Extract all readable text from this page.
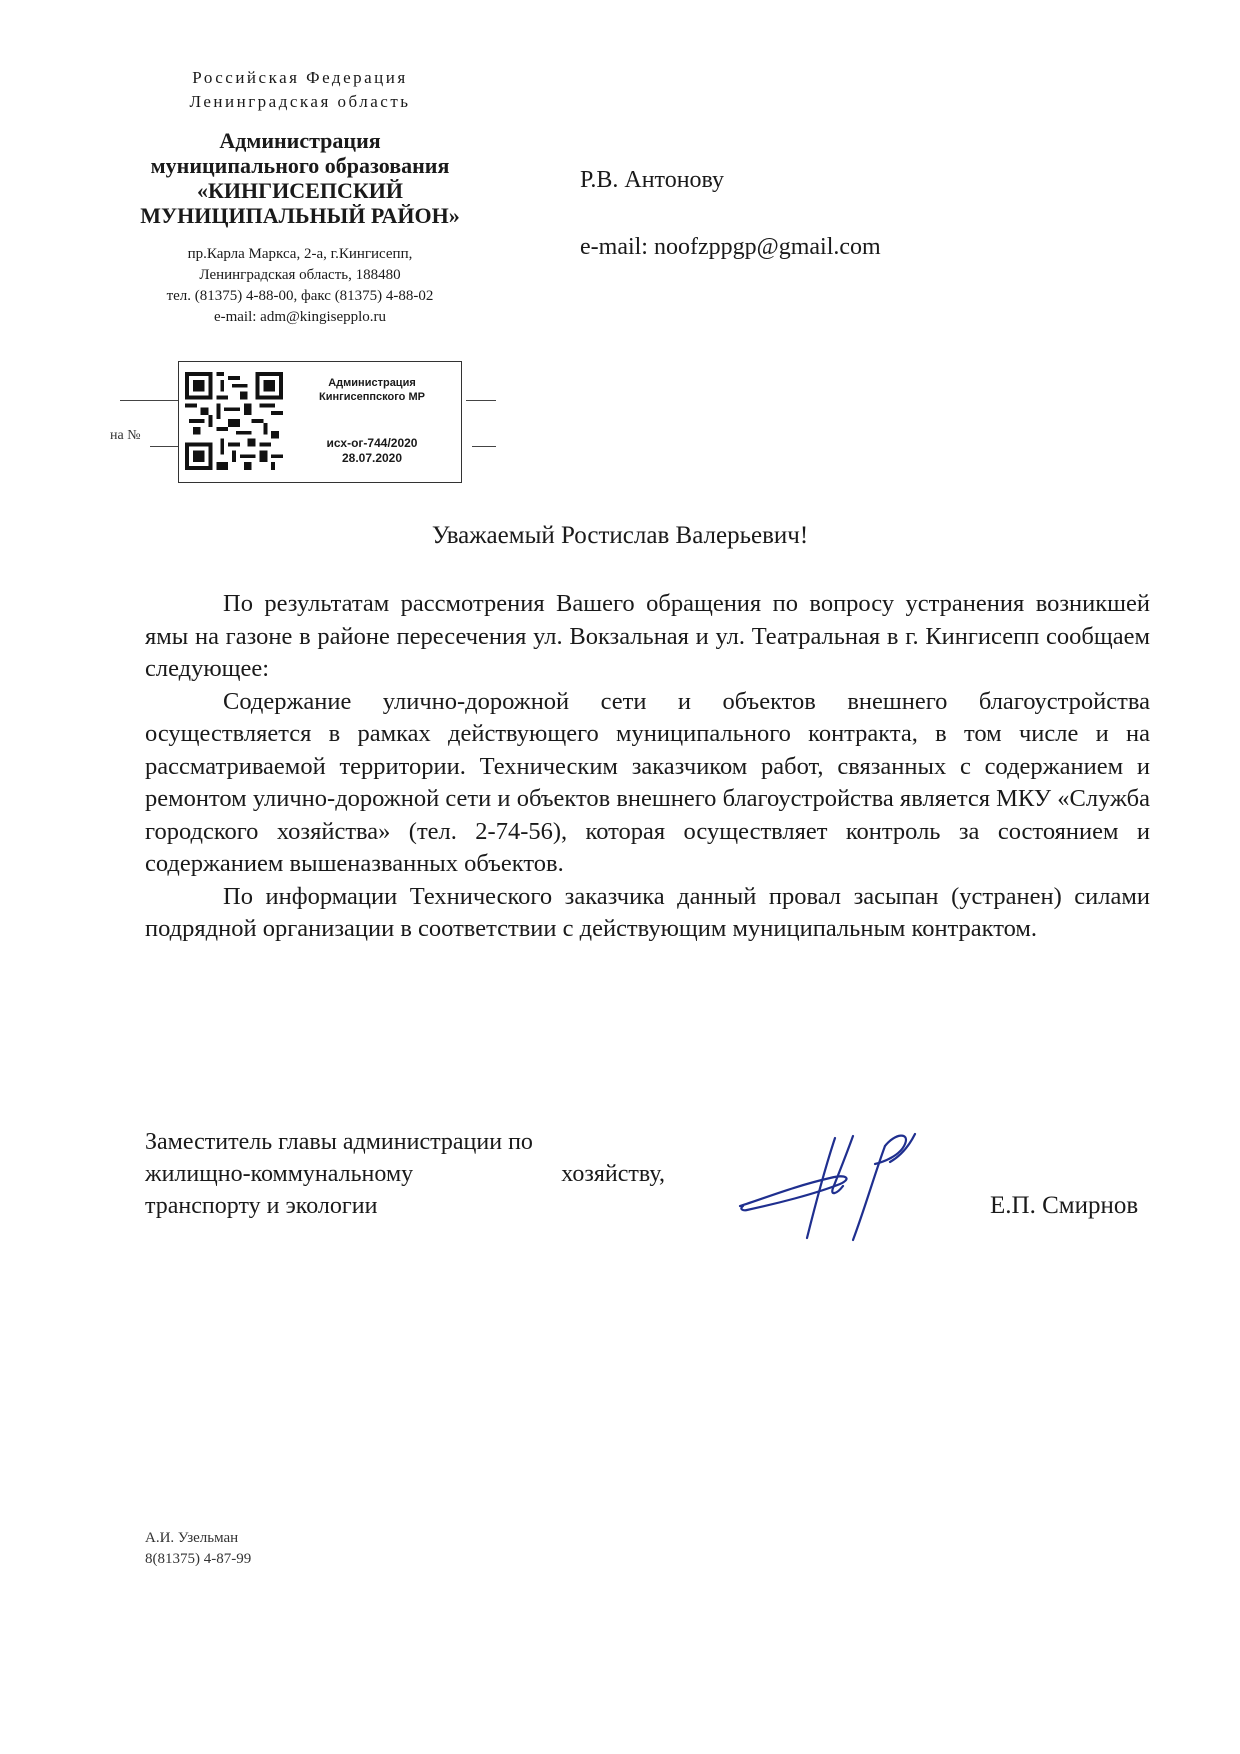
Российская Федерация
Ленинградская область
Администрация
муниципального образования
«КИНГИСЕПСКИЙ
МУНИЦИПАЛЬНЫЙ РАЙОН»
пр.Карла Маркса, 2-а, г.Кингисепп,
Ленинградская область, 188480
тел. (81375) 4-88-00, факс (81375) 4-88-02
e-mail: adm@kingisepplo.ru
на №
Администрация
Кингисеппского МР
исх-ог-744/2020
28.07.2020
Р.В. Антонову
e-mail: noofzppgp@gmail.com
Уважаемый Ростислав Валерьевич!

По результатам рассмотрения Вашего обращения по вопросу устранения возникшей ямы на газоне в районе пересечения ул. Вокзальная и ул. Театральная в г. Кингисепп сообщаем следующее:

Содержание улично-дорожной сети и объектов внешнего благоустройства осуществляется в рамках действующего муниципального контракта, в том числе и на рассматриваемой территории. Техническим заказчиком работ, связанных с содержанием и ремонтом улично-дорожной сети и объектов внешнего благоустройства является МКУ «Служба городского хозяйства» (тел. 2-74-56), которая осуществляет контроль за состоянием и содержанием вышеназванных объектов.

По информации Технического заказчика данный провал засыпан (устранен) силами подрядной организации в соответствии с действующим муниципальным контрактом.

Заместитель главы администрации по
жилищно-коммунальному хозяйству,
транспорту и экологии	Е.П. Смирнов
А.И. Узельман
8(81375) 4-87-99
